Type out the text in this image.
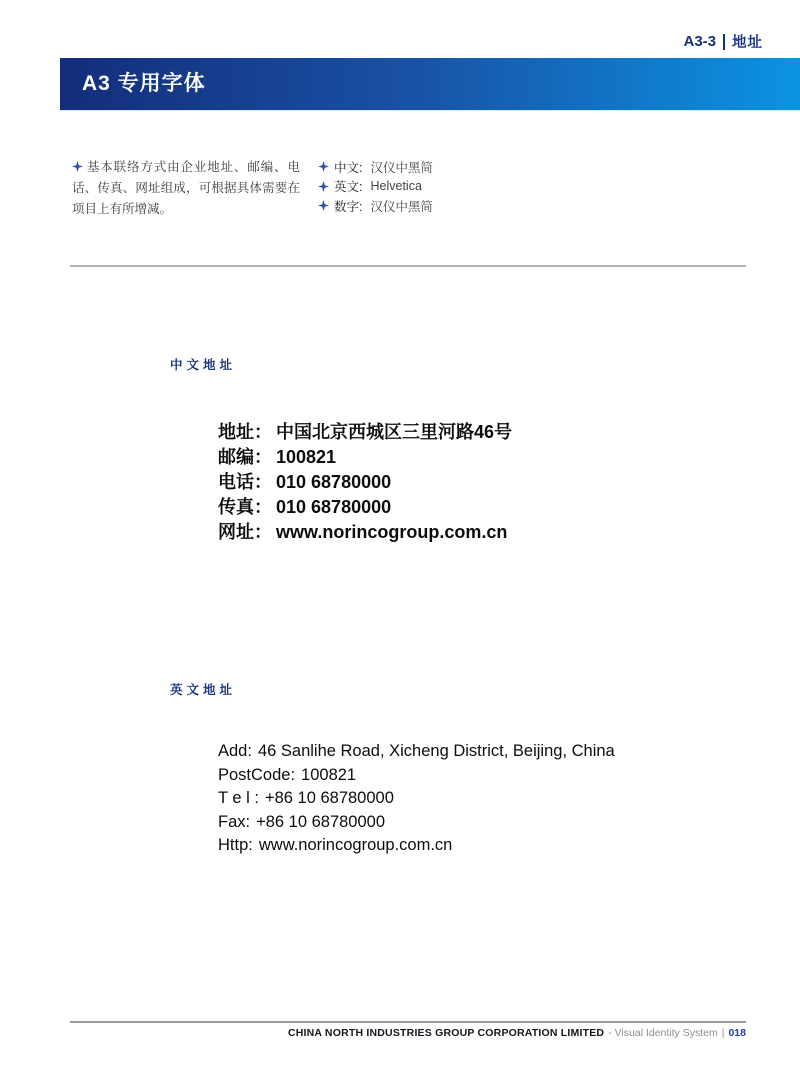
A3-3 地址
A3 专用字体
基本联络方式由企业地址、邮编、电话、传真、网址组成，可根据具体需要在项目上有所增减。
中文: 汉仪中黑简
英文: Helvetica
数字: 汉仪中黑简
中文地址
地址： 中国北京西城区三里河路46号
邮编： 100821
电话： 010 68780000
传真： 010 68780000
网址： www.norincogroup.com.cn
英文地址
Add: 46 Sanlihe Road, Xicheng District, Beijing, China
PostCode: 100821
T e l : +86 10 68780000
Fax: +86 10 68780000
Http: www.norincogroup.com.cn
CHINA NORTH INDUSTRIES GROUP CORPORATION LIMITED - Visual Identity System | 018
